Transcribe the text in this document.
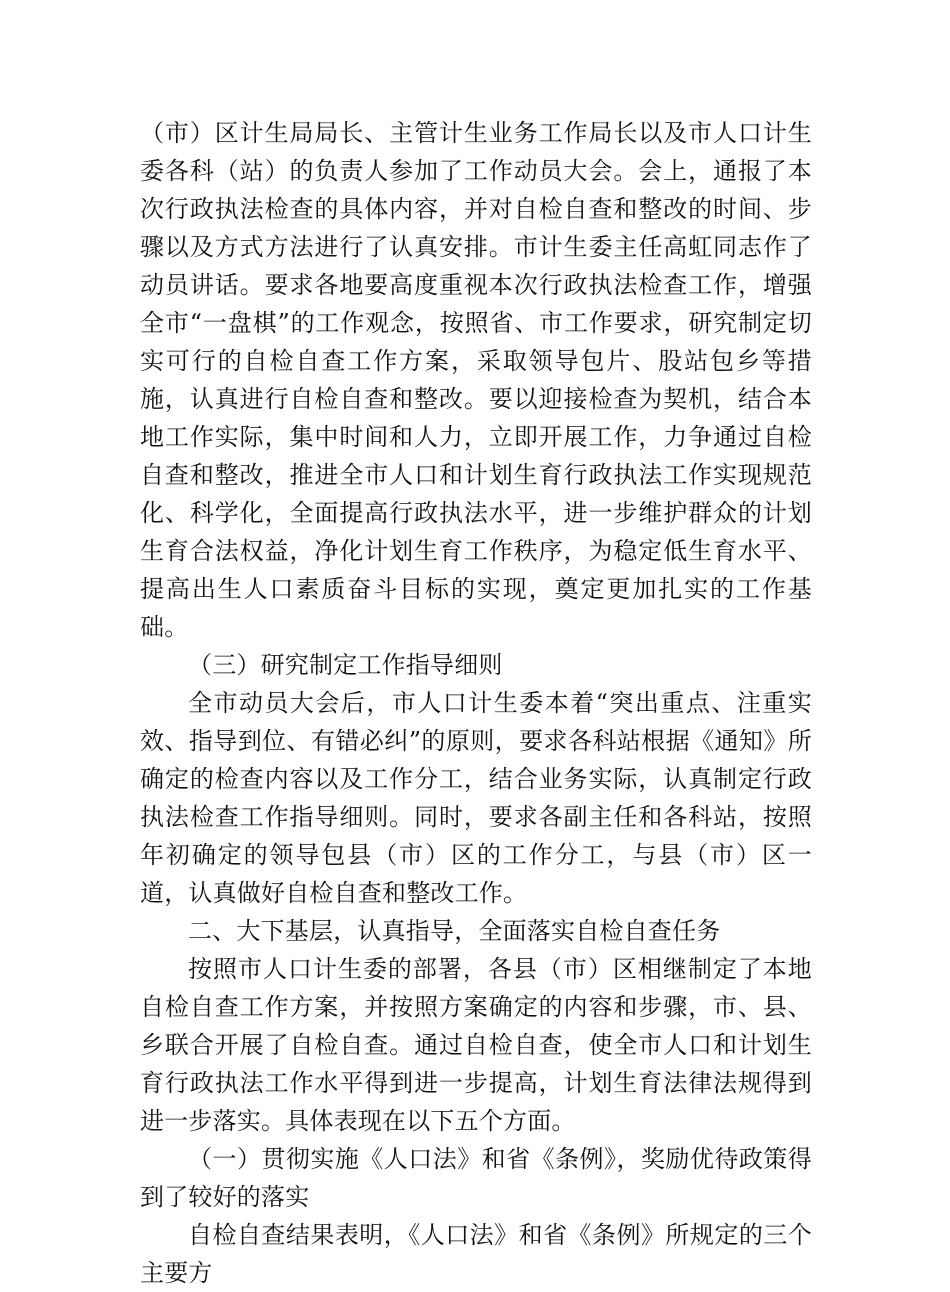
（市）区计生局局长、主管计生业务工作局长以及市人口计生委各科（站）的负责人参加了工作动员大会。会上，通报了本次行政执法检查的具体内容，并对自检自查和整改的时间、步骤以及方式方法进行了认真安排。市计生委主任高虹同志作了动员讲话。要求各地要高度重视本次行政执法检查工作，增强全市“一盘棋”的工作观念，按照省、市工作要求，研究制定切实可行的自检自查工作方案，采取领导包片、股站包乡等措施，认真进行自检自查和整改。要以迎接检查为契机，结合本地工作实际，集中时间和人力，立即开展工作，力争通过自检自查和整改，推进全市人口和计划生育行政执法工作实现规范化、科学化，全面提高行政执法水平，进一步维护群众的计划生育合法权益，净化计划生育工作秩序，为稳定低生育水平、提高出生人口素质奋斗目标的实现，奠定更加扎实的工作基础。

（三）研究制定工作指导细则

全市动员大会后，市人口计生委本着“突出重点、注重实效、指导到位、有错必纠”的原则，要求各科站根据《通知》所确定的检查内容以及工作分工，结合业务实际，认真制定行政执法检查工作指导细则。同时，要求各副主任和各科站，按照年初确定的领导包县（市）区的工作分工，与县（市）区一道，认真做好自检自查和整改工作。

二、大下基层，认真指导，全面落实自检自查任务

按照市人口计生委的部署，各县（市）区相继制定了本地自检自查工作方案，并按照方案确定的内容和步骤，市、县、乡联合开展了自检自查。通过自检自查，使全市人口和计划生育行政执法工作水平得到进一步提高，计划生育法律法规得到进一步落实。具体表现在以下五个方面。

（一）贯彻实施《人口法》和省《条例》，奖励优待政策得到了较好的落实

自检自查结果表明，《人口法》和省《条例》所规定的三个主要方
